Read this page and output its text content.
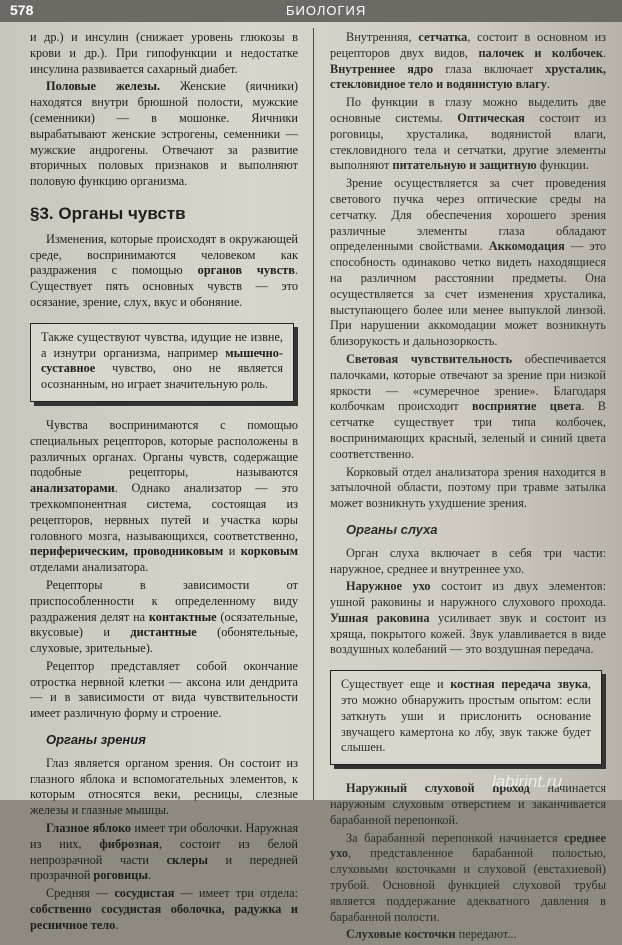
578	БИОЛОГИЯ

и др.) и инсулин (снижает уровень глюкозы в крови и др.). При гипофункции и недостатке инсулина развивается сахарный диабет.

Половые железы. Женские (яичники) находятся внутри брюшной полости, мужские (семенники) — в мошонке. Яичники вырабатывают женские эстрогены, семенники — мужские андрогены. Отвечают за развитие вторичных половых признаков и выполняют половую функцию организма.

§3. Органы чувств

Изменения, которые происходят в окружающей среде, воспринимаются человеком как раздражения с помощью органов чувств. Существует пять основных чувств — это осязание, зрение, слух, вкус и обоняние.

Также существуют чувства, идущие не извне, а изнутри организма, например мышечно-суставное чувство, оно не является осознанным, но играет значительную роль.

Чувства воспринимаются с помощью специальных рецепторов, которые расположены в различных органах. Органы чувств, содержащие подобные рецепторы, называются анализаторами. Однако анализатор — это трехкомпонентная система, состоящая из рецепторов, нервных путей и участка коры головного мозга, называющихся, соответственно, периферическим, проводниковым и корковым отделами анализатора.

Рецепторы в зависимости от приспособленности к определенному виду раздражения делят на контактные (осязательные, вкусовые) и дистантные (обонятельные, слуховые, зрительные).

Рецептор представляет собой окончание отростка нервной клетки — аксона или дендрита — и в зависимости от вида чувствительности имеет различную форму и строение.

Органы зрения

Глаз является органом зрения. Он состоит из глазного яблока и вспомогательных элементов, к которым относятся веки, ресницы, слезные железы и глазные мышцы.

Глазное яблоко имеет три оболочки. Наружная из них, фиброзная, состоит из белой непрозрачной части склеры и передней прозрачной роговицы.

Средняя — сосудистая — имеет три отдела: собственно сосудистая оболочка, радужка и ресничное тело.

Внутренняя, сетчатка, состоит в основном из рецепторов двух видов, палочек и колбочек. Внутреннее ядро глаза включает хрусталик, стекловидное тело и водянистую влагу.

По функции в глазу можно выделить две основные системы. Оптическая состоит из роговицы, хрусталика, водянистой влаги, стекловидного тела и сетчатки, другие элементы выполняют питательную и защитную функции.

Зрение осуществляется за счет проведения светового пучка через оптические среды на сетчатку. Для обеспечения хорошего зрения различные элементы глаза обладают определенными свойствами. Аккомодация — это способность одинаково четко видеть находящиеся на различном расстоянии предметы. Она осуществляется за счет изменения хрусталика, выступающего более или менее выпуклой линзой. При нарушении аккомодации может возникнуть близорукость и дальнозоркость.

Световая чувствительность обеспечивается палочками, которые отвечают за зрение при низкой яркости — «сумеречное зрение». Благодаря колбочкам происходит восприятие цвета. В сетчатке существует три типа колбочек, воспринимающих красный, зеленый и синий цвета соответственно.

Корковый отдел анализатора зрения находится в затылочной области, поэтому при травме затылка может возникнуть ухудшение зрения.

Органы слуха

Орган слуха включает в себя три части: наружное, среднее и внутреннее ухо.

Наружное ухо состоит из двух элементов: ушной раковины и наружного слухового прохода. Ушная раковина усиливает звук и состоит из хряща, покрытого кожей. Звук улавливается в виде воздушных колебаний — это воздушная передача.

Существует еще и костная передача звука, это можно обнаружить простым опытом: если заткнуть уши и прислонить основание звучащего камертона ко лбу, звук также будет слышен.

Наружный слуховой проход начинается наружным слуховым отверстием и заканчивается барабанной перепонкой.

За барабанной перепонкой начинается среднее ухо, представленное барабанной полостью, слуховыми косточками и слуховой (евстахиевой) трубой. Основной функцией слуховой трубы является поддержание адекватного давления в барабанной полости.

Слуховые косточки передают...

labirint.ru
